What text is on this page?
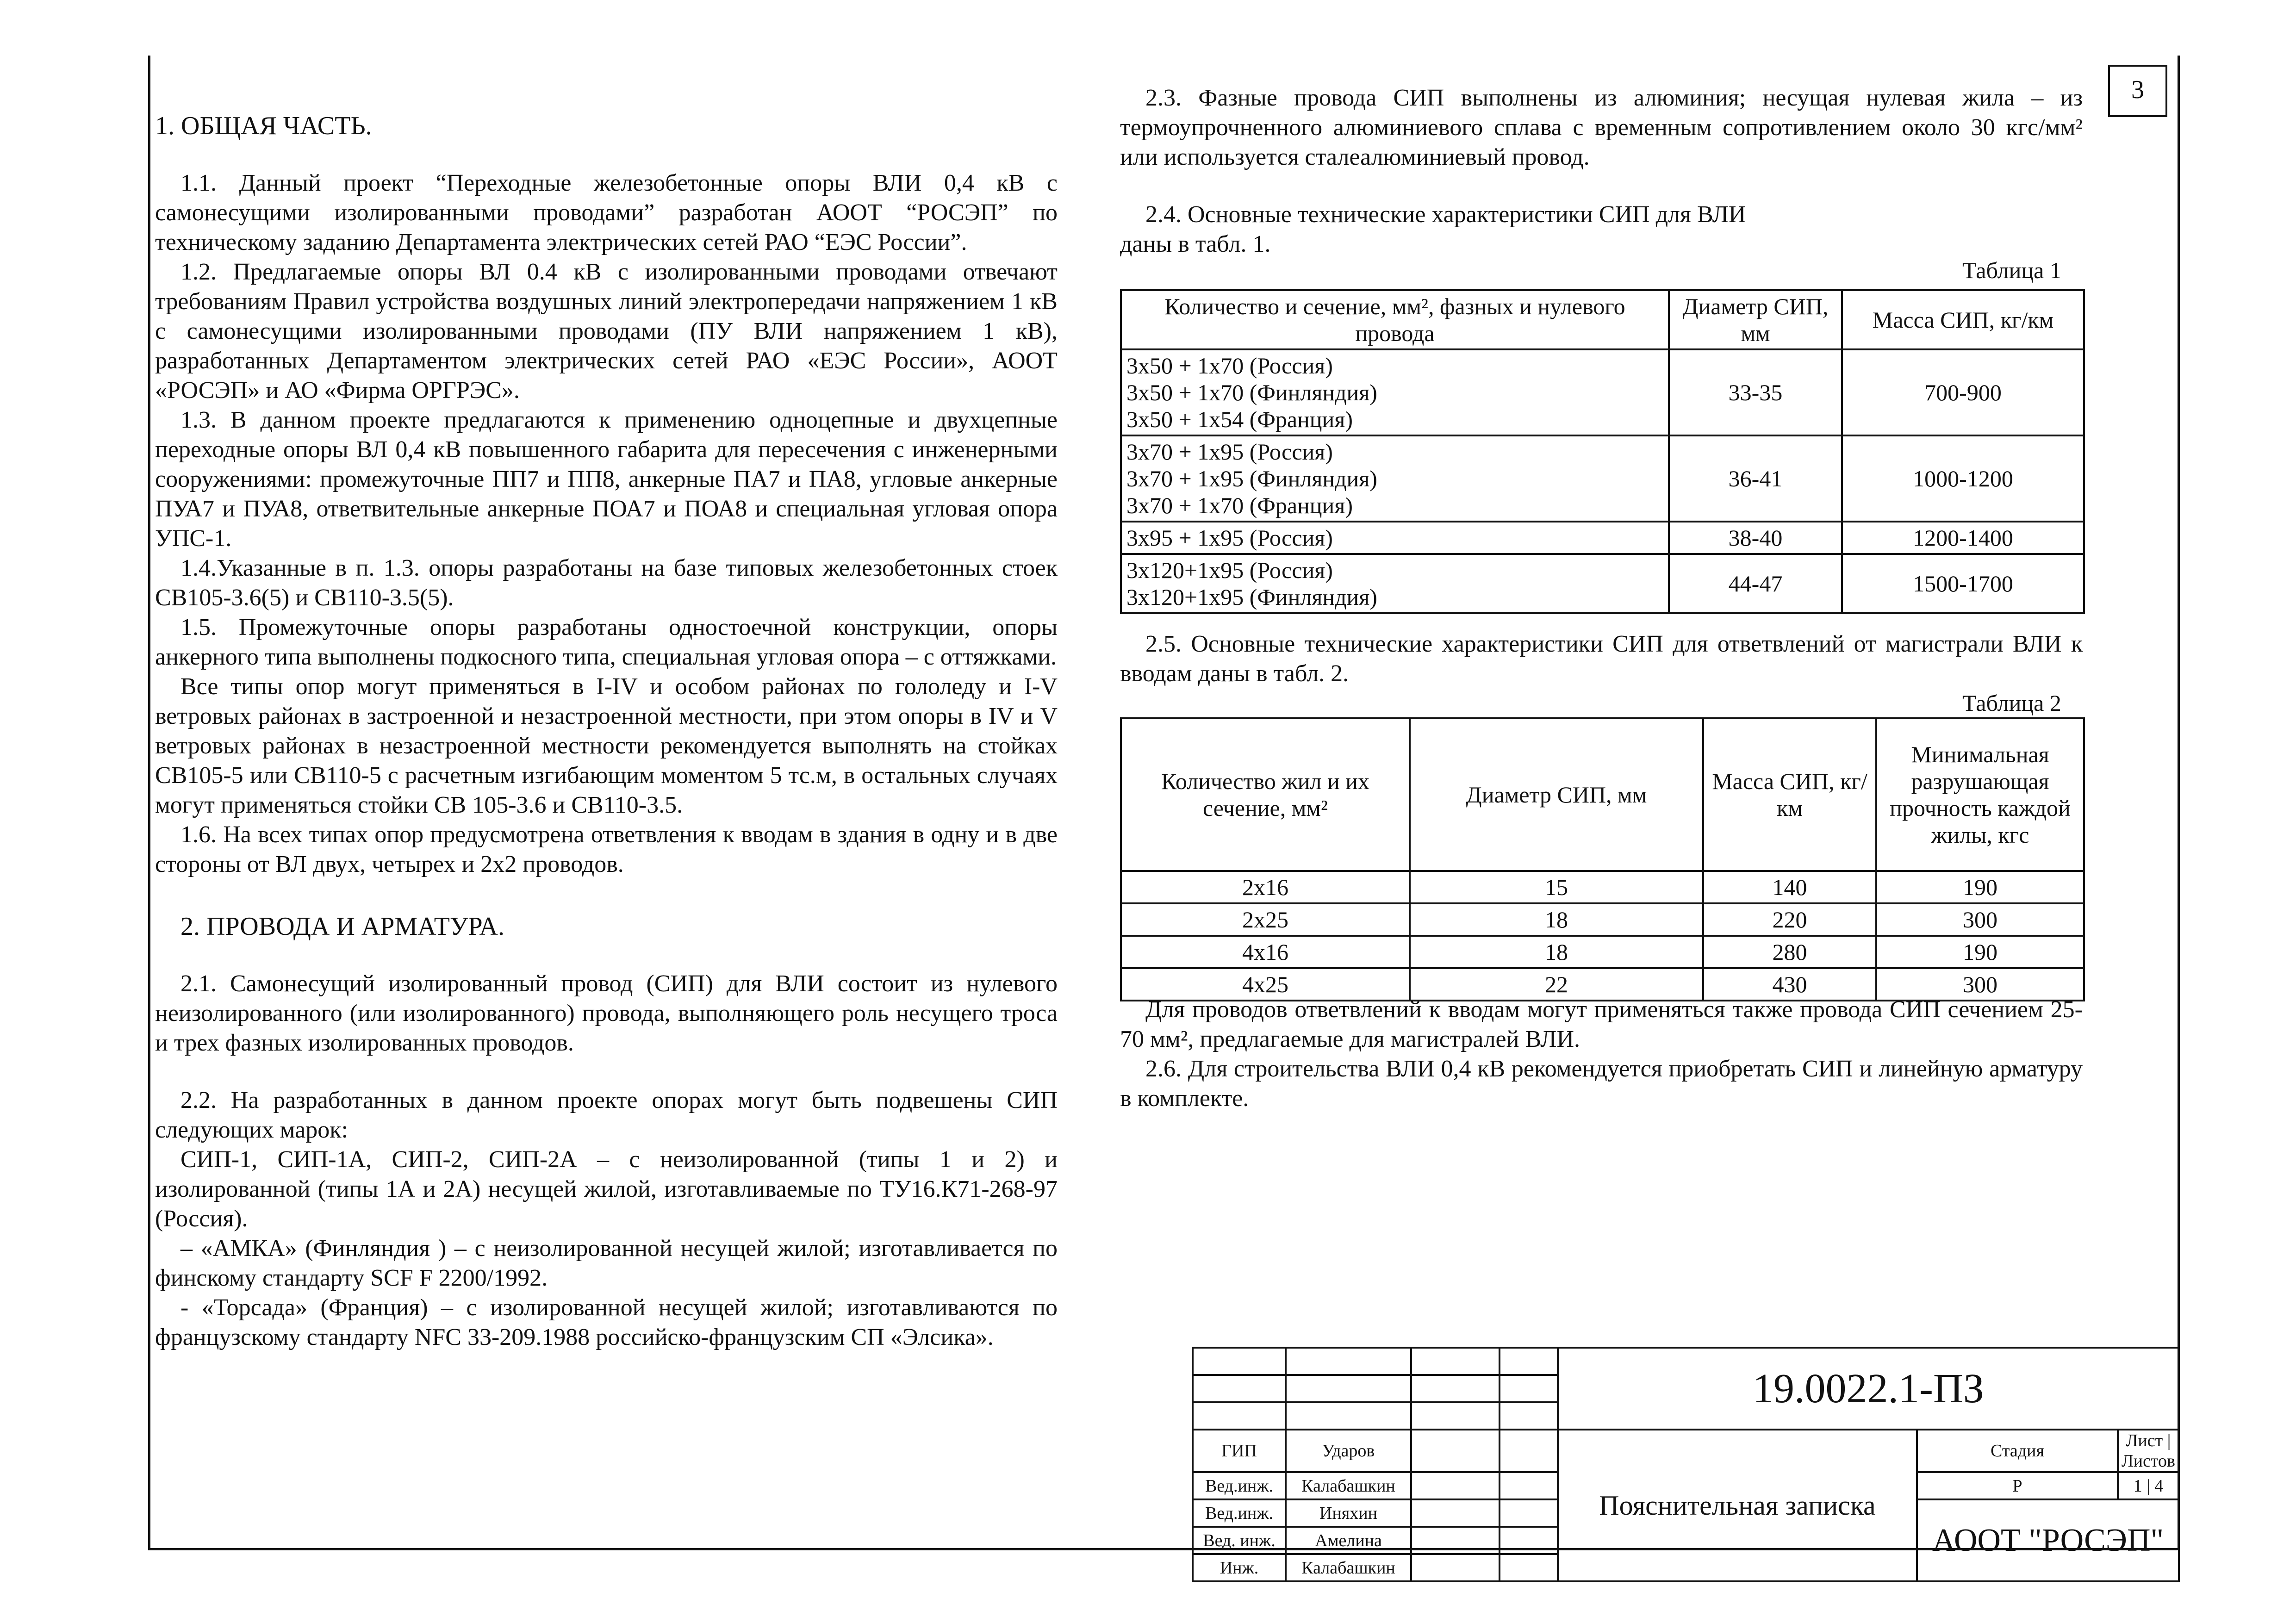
3

1. ОБЩАЯ ЧАСТЬ.

1.1. Данный проект “Переходные железобетонные опоры ВЛИ 0,4 кВ с самонесущими изолированными проводами” разработан АООТ “РОСЭП” по техническому заданию Департамента электрических сетей РАО “ЕЭС России”.

1.2. Предлагаемые опоры ВЛ 0.4 кВ с изолированными проводами отвечают требованиям Правил устройства воздушных линий электропередачи напряжением 1 кВ с самонесущими изолированными проводами (ПУ ВЛИ напряжением 1 кВ), разработанных Департаментом электрических сетей РАО «ЕЭС России», АООТ «РОСЭП» и АО «Фирма ОРГРЭС».

1.3. В данном проекте предлагаются к применению одноцепные и двухцепные переходные опоры ВЛ 0,4 кВ повышенного габарита для пересечения с инженерными сооружениями: промежуточные ПП7 и ПП8, анкерные ПА7 и ПА8, угловые анкерные ПУА7 и ПУА8, ответвительные анкерные ПОА7 и ПОА8 и специальная угловая опора УПС-1.

1.4.Указанные в п. 1.3. опоры разработаны на базе типовых железобетонных стоек СВ105-3.6(5) и СВ110-3.5(5).

1.5. Промежуточные опоры разработаны одностоечной конструкции, опоры анкерного типа выполнены подкосного типа, специальная угловая опора – с оттяжками.

Все типы опор могут применяться в I-IV и особом районах по гололеду и I-V ветровых районах в застроенной и незастроенной местности, при этом опоры в IV и V ветровых районах в незастроенной местности рекомендуется выполнять на стойках СВ105-5 или СВ110-5 с расчетным изгибающим моментом 5 тс.м, в остальных случаях могут применяться стойки СВ 105-3.6 и СВ110-3.5.

1.6. На всех типах опор предусмотрена ответвления к вводам в здания в одну и в две стороны от ВЛ двух, четырех и 2х2 проводов.

2. ПРОВОДА И АРМАТУРА.

2.1. Самонесущий изолированный провод (СИП) для ВЛИ состоит из нулевого неизолированного (или изолированного) провода, выполняющего роль несущего троса и трех фазных изолированных проводов.

2.2. На разработанных в данном проекте опорах могут быть подвешены СИП следующих марок:

СИП-1, СИП-1А, СИП-2, СИП-2А – с неизолированной (типы 1 и 2) и изолированной (типы 1А и 2А) несущей жилой, изготавливаемые по ТУ16.К71-268-97 (Россия).

– «АМКА» (Финляндия ) – с неизолированной несущей жилой; изготавливается по финскому стандарту SCF F 2200/1992.

- «Торсада» (Франция) – с изолированной несущей жилой; изготавливаются по французскому стандарту NFC 33-209.1988 российско-французским СП «Элсика».

2.3. Фазные провода СИП выполнены из алюминия; несущая нулевая жила – из термоупрочненного алюминиевого сплава с временным сопротивлением около 30 кгс/мм² или используется сталеалюминиевый провод.

2.4. Основные технические характеристики СИП для ВЛИ

даны в табл. 1.

Таблица 1
Количество и сечение, мм², фазных и нулевого провода	Диаметр СИП, мм	Масса СИП, кг/км

3х50 + 1х70 (Россия)
3х50 + 1х70 (Финляндия)
3х50 + 1х54 (Франция)	33-35	700-900

3х70 + 1х95 (Россия)
3х70 + 1х95 (Финляндия)
3х70 + 1х70 (Франция)	36-41	1000-1200

3х95 + 1х95 (Россия)	38-40	1200-1400

3х120+1х95 (Россия)
3х120+1х95 (Финляндия)	44-47	1500-1700

2.5. Основные технические характеристики СИП для ответвлений от магистрали ВЛИ к вводам даны в табл. 2.

Таблица 2
Количество жил и их сечение, мм²	Диаметр СИП, мм	Масса СИП, кг/км	Минимальная разрушающая прочность каждой жилы, кгс
2х16	15	140	190
2х25	18	220	300
4х16	18	280	190
4х25	22	430	300

Для проводов ответвлений к вводам могут применяться также провода СИП сечением 25-70 мм², предлагаемые для магистралей ВЛИ.

2.6. Для строительства ВЛИ 0,4 кВ рекомендуется приобретать СИП и линейную арматуру в комплекте.

				19.0022.1-ПЗ		

ГИП	Ударов			Пояснительная записка	Стадия	Лист | Листов
Вед.инж.	Калабашкин				Р	1 | 4
Вед.инж.	Иняхин				АООТ "РОСЭП"	
Вед. инж.	Амелина					
Инж.	Калабашкин					
